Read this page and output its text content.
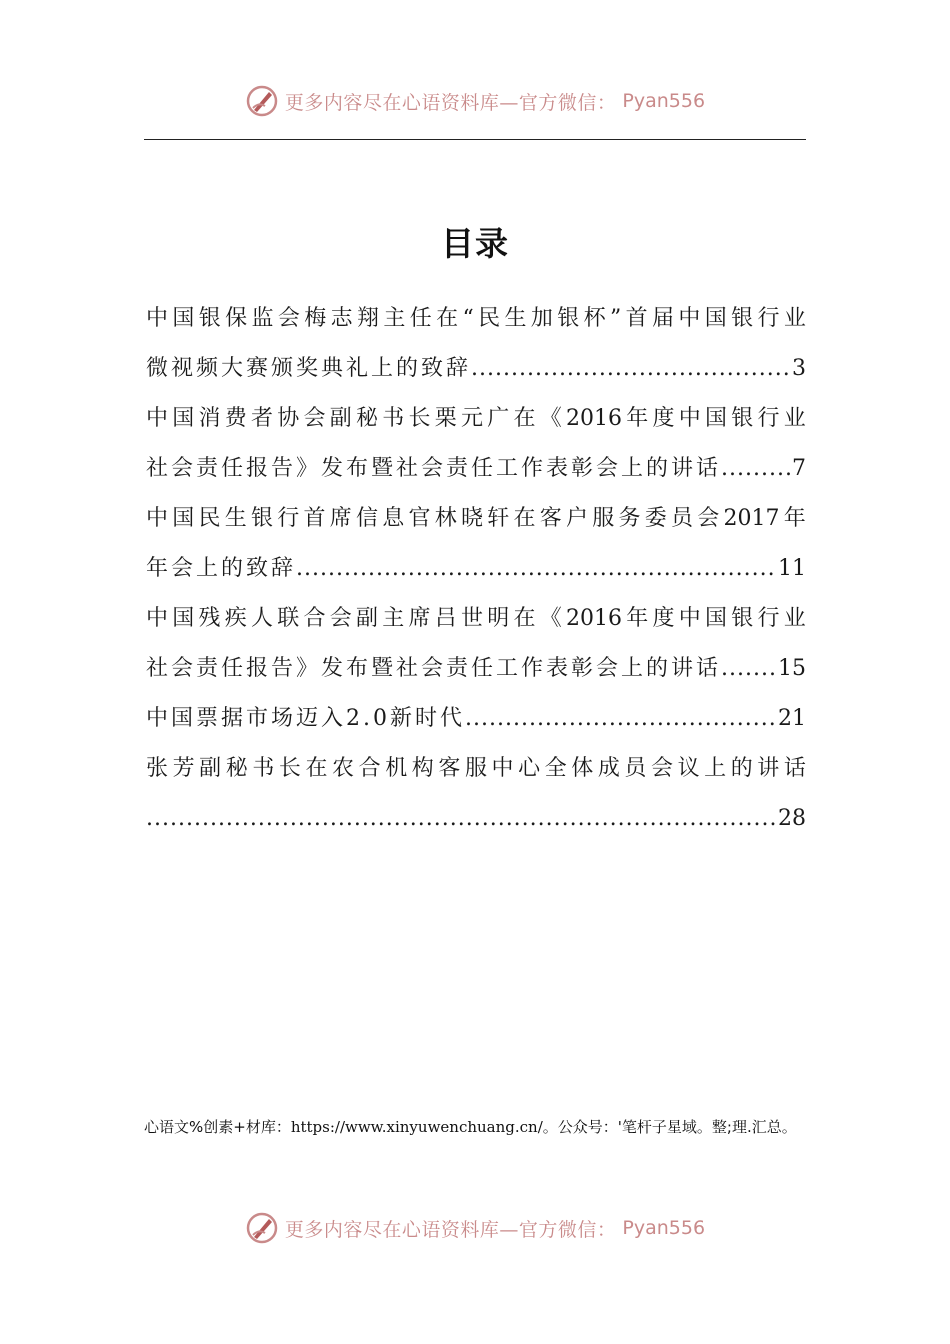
更多内容尽在心语资料库—官方微信： Pyan556
目录
中 国 银 保 监 会 梅 志 翔 主 任 在 “ 民 生 加 银 杯 ” 首 届 中 国 银 行 业
微视频大赛颁奖典礼上的致辞 .....	3
中 国 消 费 者 协 会 副 秘 书 长 栗 元 广 在 《 2016 年 度 中 国 银 行 业
社会责任报告》发布暨社会责任工作表彰会上的讲话 .....	7
中 国 民 生 银 行 首 席 信 息 官 林 晓 轩 在 客 户 服 务 委 员 会 2017 年
年会上的致辞 .....	11
中 国 残 疾 人 联 合 会 副 主 席 吕 世 明 在 《 2016 年 度 中 国 银 行 业
社会责任报告》发布暨社会责任工作表彰会上的讲话 .....	15
中国票据市场迈入2.0新时代 .....	21
张 芳 副 秘 书 长 在 农 合 机 构 客 服 中 心 全 体 成 员 会 议 上 的 讲 话
.....
28
心语文%创素+材库：https://www.xinyuwenchuang.cn/。公众号：'笔杆子星域。整;理.汇总。
更多内容尽在心语资料库—官方微信： Pyan556
